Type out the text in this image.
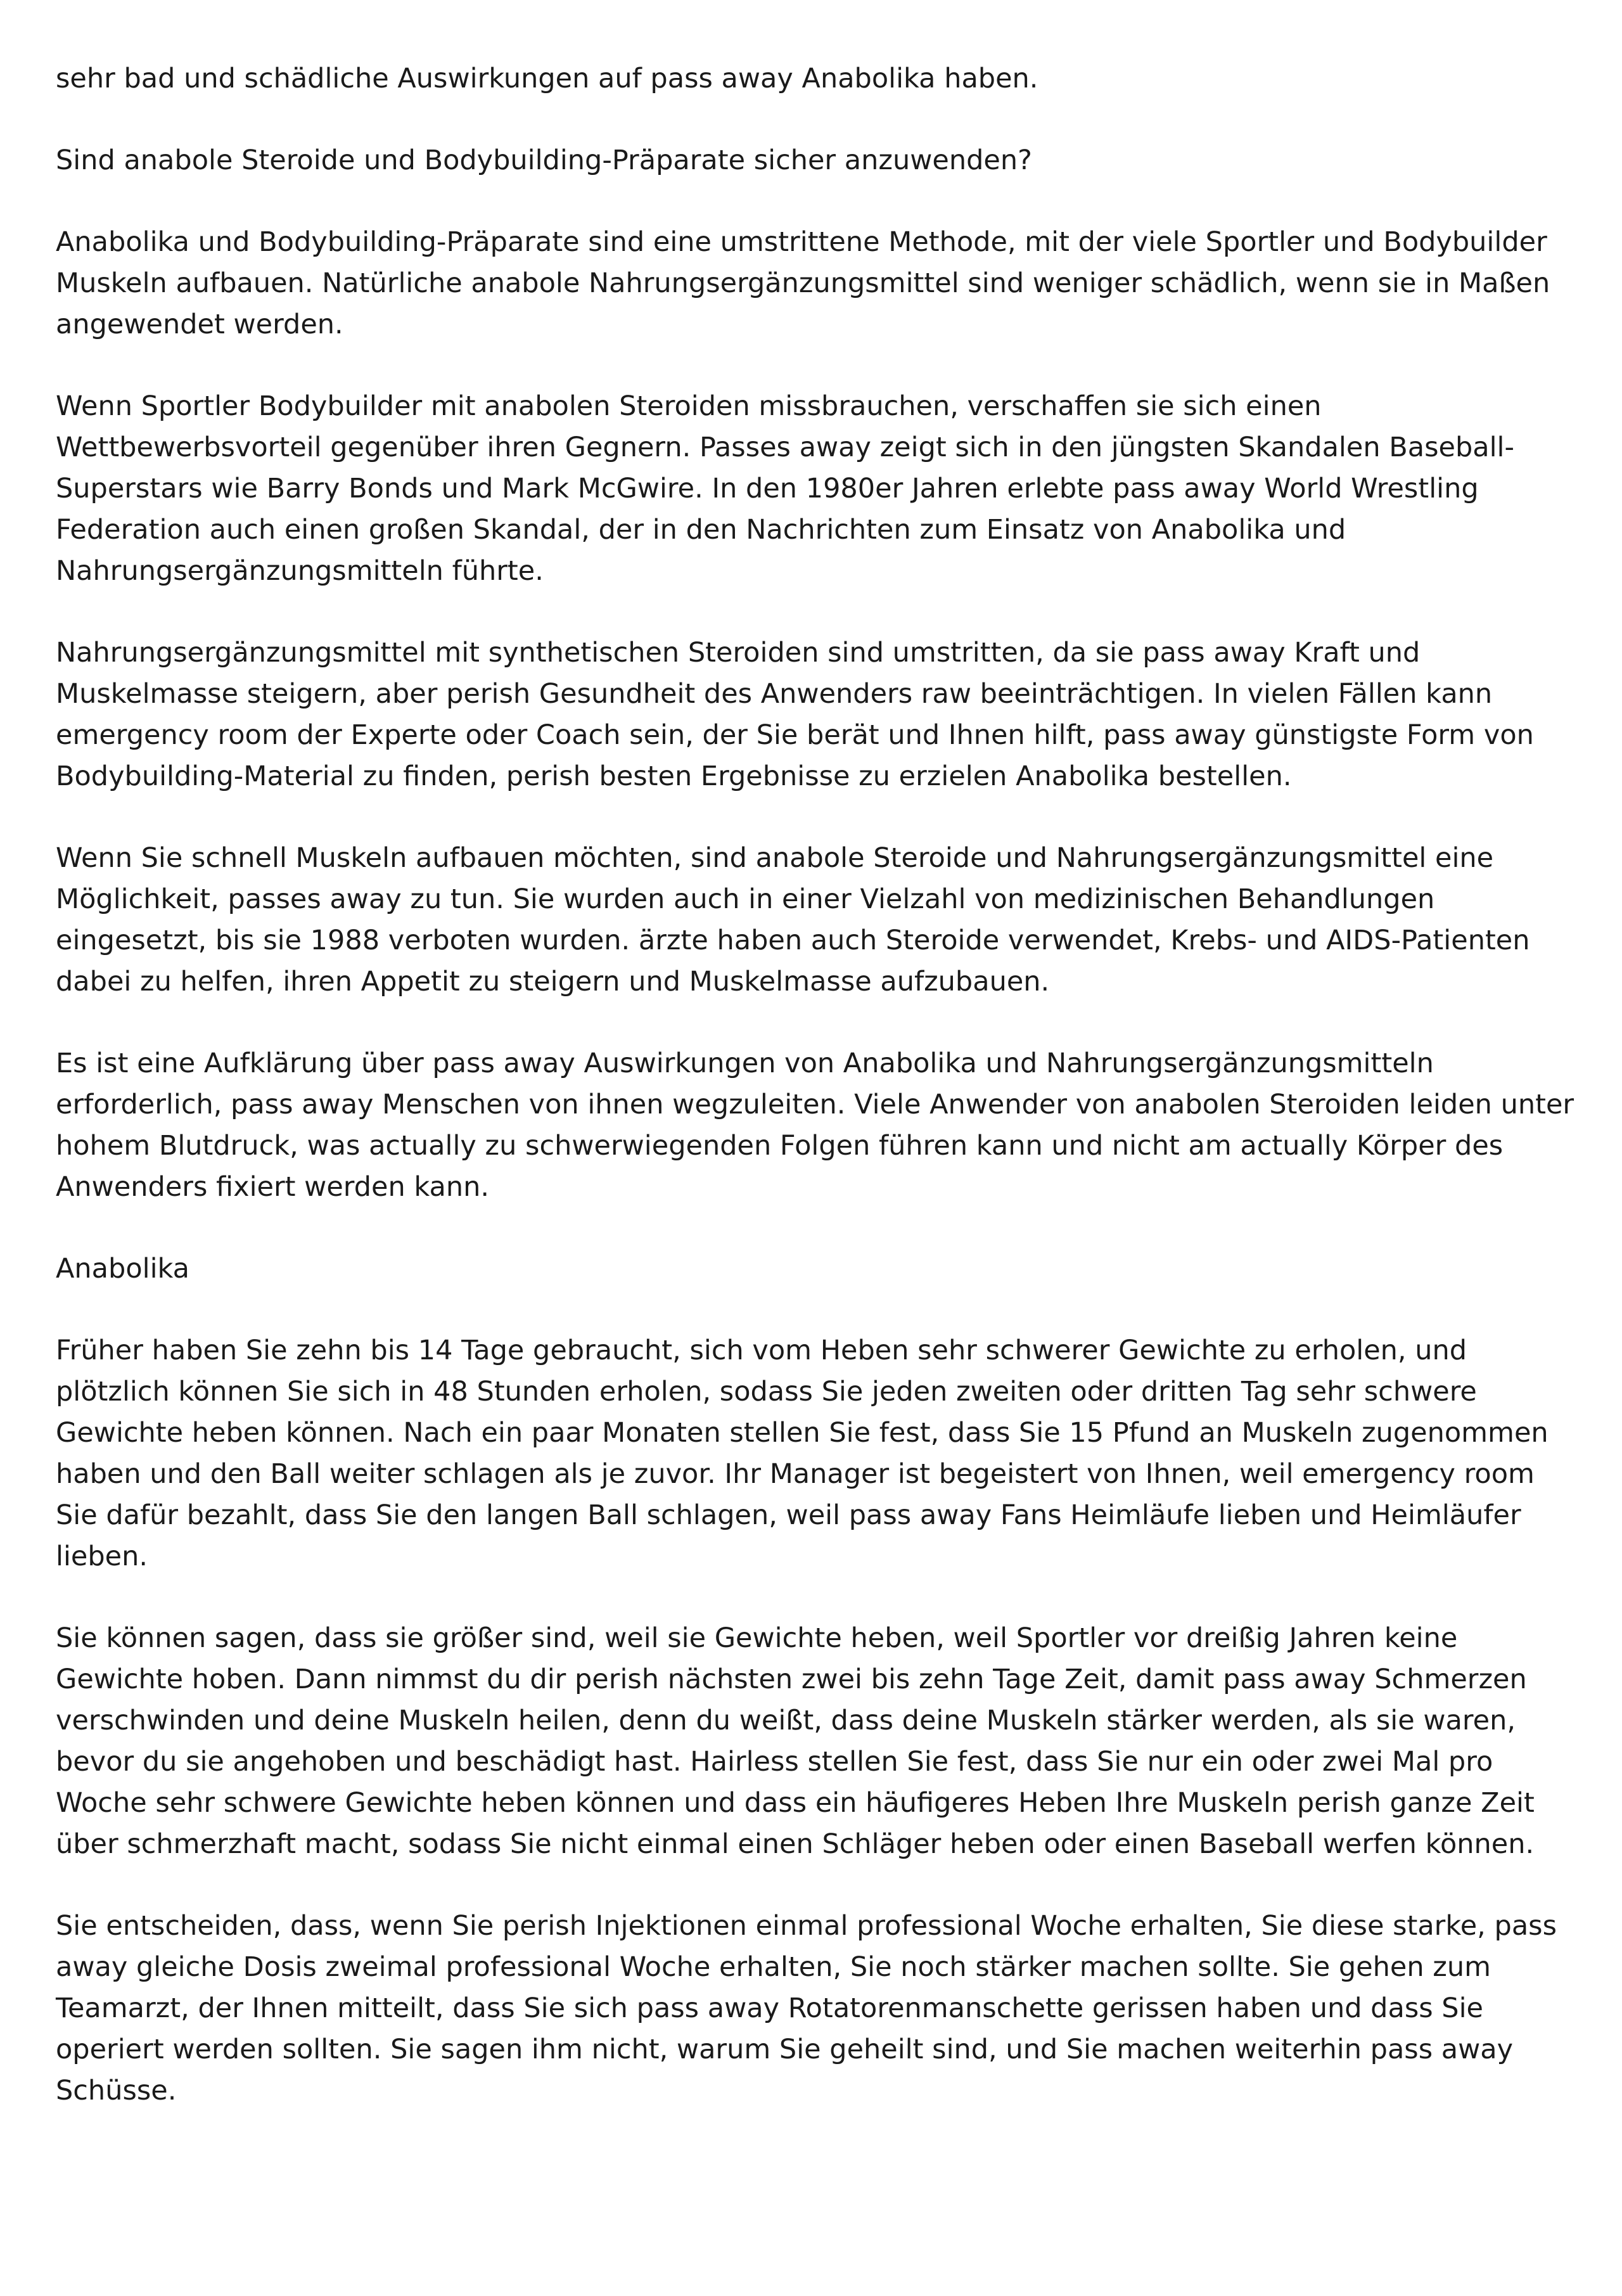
sehr bad und schädliche Auswirkungen auf pass away Anabolika haben.

Sind anabole Steroide und Bodybuilding-Präparate sicher anzuwenden?

Anabolika und Bodybuilding-Präparate sind eine umstrittene Methode, mit der viele Sportler und Bodybuilder Muskeln aufbauen. Natürliche anabole Nahrungsergänzungsmittel sind weniger schädlich, wenn sie in Maßen angewendet werden.

Wenn Sportler Bodybuilder mit anabolen Steroiden missbrauchen, verschaffen sie sich einen Wettbewerbsvorteil gegenüber ihren Gegnern. Passes away zeigt sich in den jüngsten Skandalen Baseball-Superstars wie Barry Bonds und Mark McGwire. In den 1980er Jahren erlebte pass away World Wrestling Federation auch einen großen Skandal, der in den Nachrichten zum Einsatz von Anabolika und Nahrungsergänzungsmitteln führte.

Nahrungsergänzungsmittel mit synthetischen Steroiden sind umstritten, da sie pass away Kraft und Muskelmasse steigern, aber perish Gesundheit des Anwenders raw beeinträchtigen. In vielen Fällen kann emergency room der Experte oder Coach sein, der Sie berät und Ihnen hilft, pass away günstigste Form von Bodybuilding-Material zu finden, perish besten Ergebnisse zu erzielen Anabolika bestellen.

Wenn Sie schnell Muskeln aufbauen möchten, sind anabole Steroide und Nahrungsergänzungsmittel eine Möglichkeit, passes away zu tun. Sie wurden auch in einer Vielzahl von medizinischen Behandlungen eingesetzt, bis sie 1988 verboten wurden. ärzte haben auch Steroide verwendet, Krebs- und AIDS-Patienten dabei zu helfen, ihren Appetit zu steigern und Muskelmasse aufzubauen.

Es ist eine Aufklärung über pass away Auswirkungen von Anabolika und Nahrungsergänzungsmitteln erforderlich, pass away Menschen von ihnen wegzuleiten. Viele Anwender von anabolen Steroiden leiden unter hohem Blutdruck, was actually zu schwerwiegenden Folgen führen kann und nicht am actually Körper des Anwenders fixiert werden kann.

Anabolika

Früher haben Sie zehn bis 14 Tage gebraucht, sich vom Heben sehr schwerer Gewichte zu erholen, und plötzlich können Sie sich in 48 Stunden erholen, sodass Sie jeden zweiten oder dritten Tag sehr schwere Gewichte heben können. Nach ein paar Monaten stellen Sie fest, dass Sie 15 Pfund an Muskeln zugenommen haben und den Ball weiter schlagen als je zuvor. Ihr Manager ist begeistert von Ihnen, weil emergency room Sie dafür bezahlt, dass Sie den langen Ball schlagen, weil pass away Fans Heimläufe lieben und Heimläufer lieben.

Sie können sagen, dass sie größer sind, weil sie Gewichte heben, weil Sportler vor dreißig Jahren keine Gewichte hoben. Dann nimmst du dir perish nächsten zwei bis zehn Tage Zeit, damit pass away Schmerzen verschwinden und deine Muskeln heilen, denn du weißt, dass deine Muskeln stärker werden, als sie waren, bevor du sie angehoben und beschädigt hast. Hairless stellen Sie fest, dass Sie nur ein oder zwei Mal pro Woche sehr schwere Gewichte heben können und dass ein häufigeres Heben Ihre Muskeln perish ganze Zeit über schmerzhaft macht, sodass Sie nicht einmal einen Schläger heben oder einen Baseball werfen können.

Sie entscheiden, dass, wenn Sie perish Injektionen einmal professional Woche erhalten, Sie diese starke, pass away gleiche Dosis zweimal professional Woche erhalten, Sie noch stärker machen sollte. Sie gehen zum Teamarzt, der Ihnen mitteilt, dass Sie sich pass away Rotatorenmanschette gerissen haben und dass Sie operiert werden sollten. Sie sagen ihm nicht, warum Sie geheilt sind, und Sie machen weiterhin pass away Schüsse.
